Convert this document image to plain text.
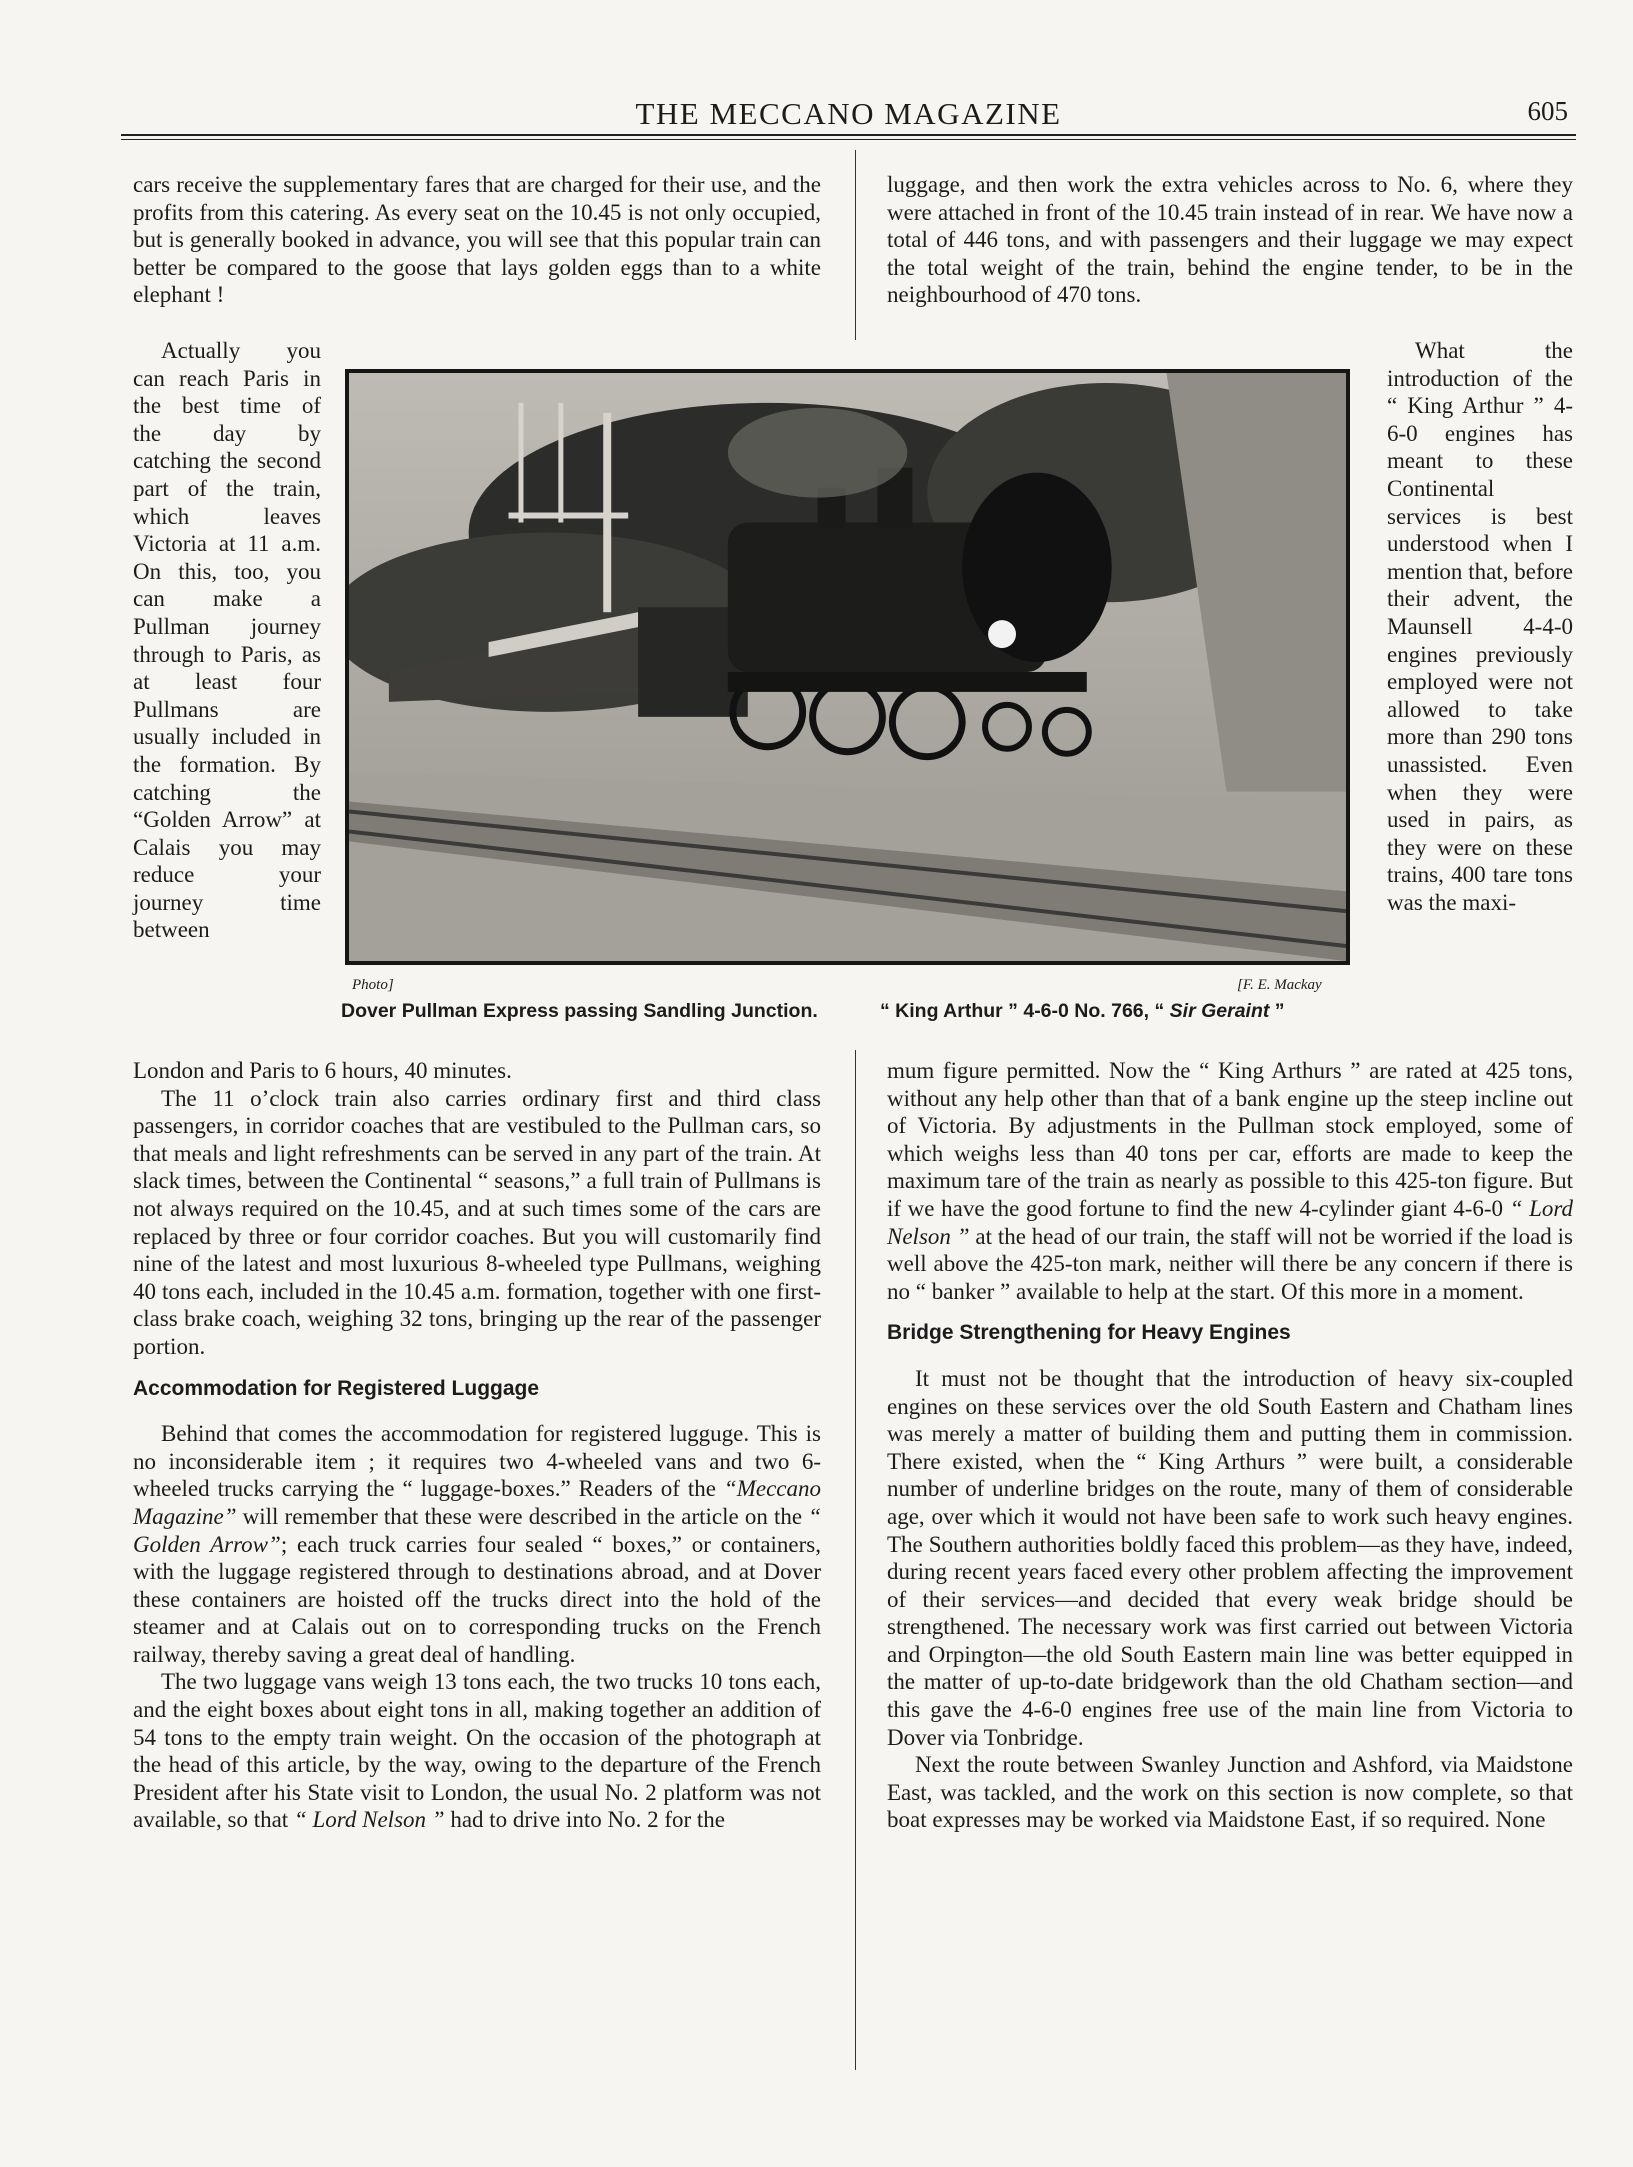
THE MECCANO MAGAZINE	605

cars receive the supplementary fares that are charged for their use, and the profits from this catering. As every seat on the 10.45 is not only occupied, but is generally booked in advance, you will see that this popular train can better be compared to the goose that lays golden eggs than to a white elephant !

Actually you can reach Paris in the best time of the day by catching the second part of the train, which leaves Victoria at 11 a.m. On this, too, you can make a Pullman journey through to Paris, as at least four Pullmans are usually included in the formation. By catching the “Golden Arrow” at Calais you may reduce your journey time between

luggage, and then work the extra vehicles across to No. 6, where they were attached in front of the 10.45 train instead of in rear. We have now a total of 446 tons, and with passengers and their luggage we may expect the total weight of the train, behind the engine tender, to be in the neighbourhood of 470 tons.

What the introduction of the “ King Arthur ” 4-6-0 engines has meant to these Continental services is best understood when I mention that, before their advent, the Maunsell 4-4-0 engines previously employed were not allowed to take more than 290 tons unassisted. Even when they were used in pairs, as they were on these trains, 400 tare tons was the maxi-

Photo]	[F. E. Mackay
Dover Pullman Express passing Sandling Junction.	“ King Arthur ” 4-6-0 No. 766, “ Sir Geraint ”

London and Paris to 6 hours, 40 minutes.

The 11 o’clock train also carries ordinary first and third class passengers, in corridor coaches that are vestibuled to the Pullman cars, so that meals and light refreshments can be served in any part of the train. At slack times, between the Continental “ seasons,” a full train of Pullmans is not always required on the 10.45, and at such times some of the cars are replaced by three or four corridor coaches. But you will customarily find nine of the latest and most luxurious 8-wheeled type Pullmans, weighing 40 tons each, included in the 10.45 a.m. formation, together with one first-class brake coach, weighing 32 tons, bringing up the rear of the passenger portion.

Accommodation for Registered Luggage

Behind that comes the accommodation for registered lugguge. This is no inconsiderable item ; it requires two 4-wheeled vans and two 6-wheeled trucks carrying the “ luggage-boxes.” Readers of the “Meccano Magazine” will remember that these were described in the article on the “ Golden Arrow”; each truck carries four sealed “ boxes,” or containers, with the luggage registered through to destinations abroad, and at Dover these containers are hoisted off the trucks direct into the hold of the steamer and at Calais out on to corresponding trucks on the French railway, thereby saving a great deal of handling.

The two luggage vans weigh 13 tons each, the two trucks 10 tons each, and the eight boxes about eight tons in all, making together an addition of 54 tons to the empty train weight. On the occasion of the photograph at the head of this article, by the way, owing to the departure of the French President after his State visit to London, the usual No. 2 platform was not available, so that “ Lord Nelson ” had to drive into No. 2 for the

mum figure permitted. Now the “ King Arthurs ” are rated at 425 tons, without any help other than that of a bank engine up the steep incline out of Victoria. By adjustments in the Pullman stock employed, some of which weighs less than 40 tons per car, efforts are made to keep the maximum tare of the train as nearly as possible to this 425-ton figure. But if we have the good fortune to find the new 4-cylinder giant 4-6-0 “ Lord Nelson ” at the head of our train, the staff will not be worried if the load is well above the 425-ton mark, neither will there be any concern if there is no “ banker ” available to help at the start. Of this more in a moment.

Bridge Strengthening for Heavy Engines

It must not be thought that the introduction of heavy six-coupled engines on these services over the old South Eastern and Chatham lines was merely a matter of building them and putting them in commission. There existed, when the “ King Arthurs ” were built, a considerable number of underline bridges on the route, many of them of considerable age, over which it would not have been safe to work such heavy engines. The Southern authorities boldly faced this problem—as they have, indeed, during recent years faced every other problem affecting the improvement of their services—and decided that every weak bridge should be strengthened. The necessary work was first carried out between Victoria and Orpington—the old South Eastern main line was better equipped in the matter of up-to-date bridgework than the old Chatham section—and this gave the 4-6-0 engines free use of the main line from Victoria to Dover via Tonbridge.

Next the route between Swanley Junction and Ashford, via Maidstone East, was tackled, and the work on this section is now complete, so that boat expresses may be worked via Maidstone East, if so required. None
